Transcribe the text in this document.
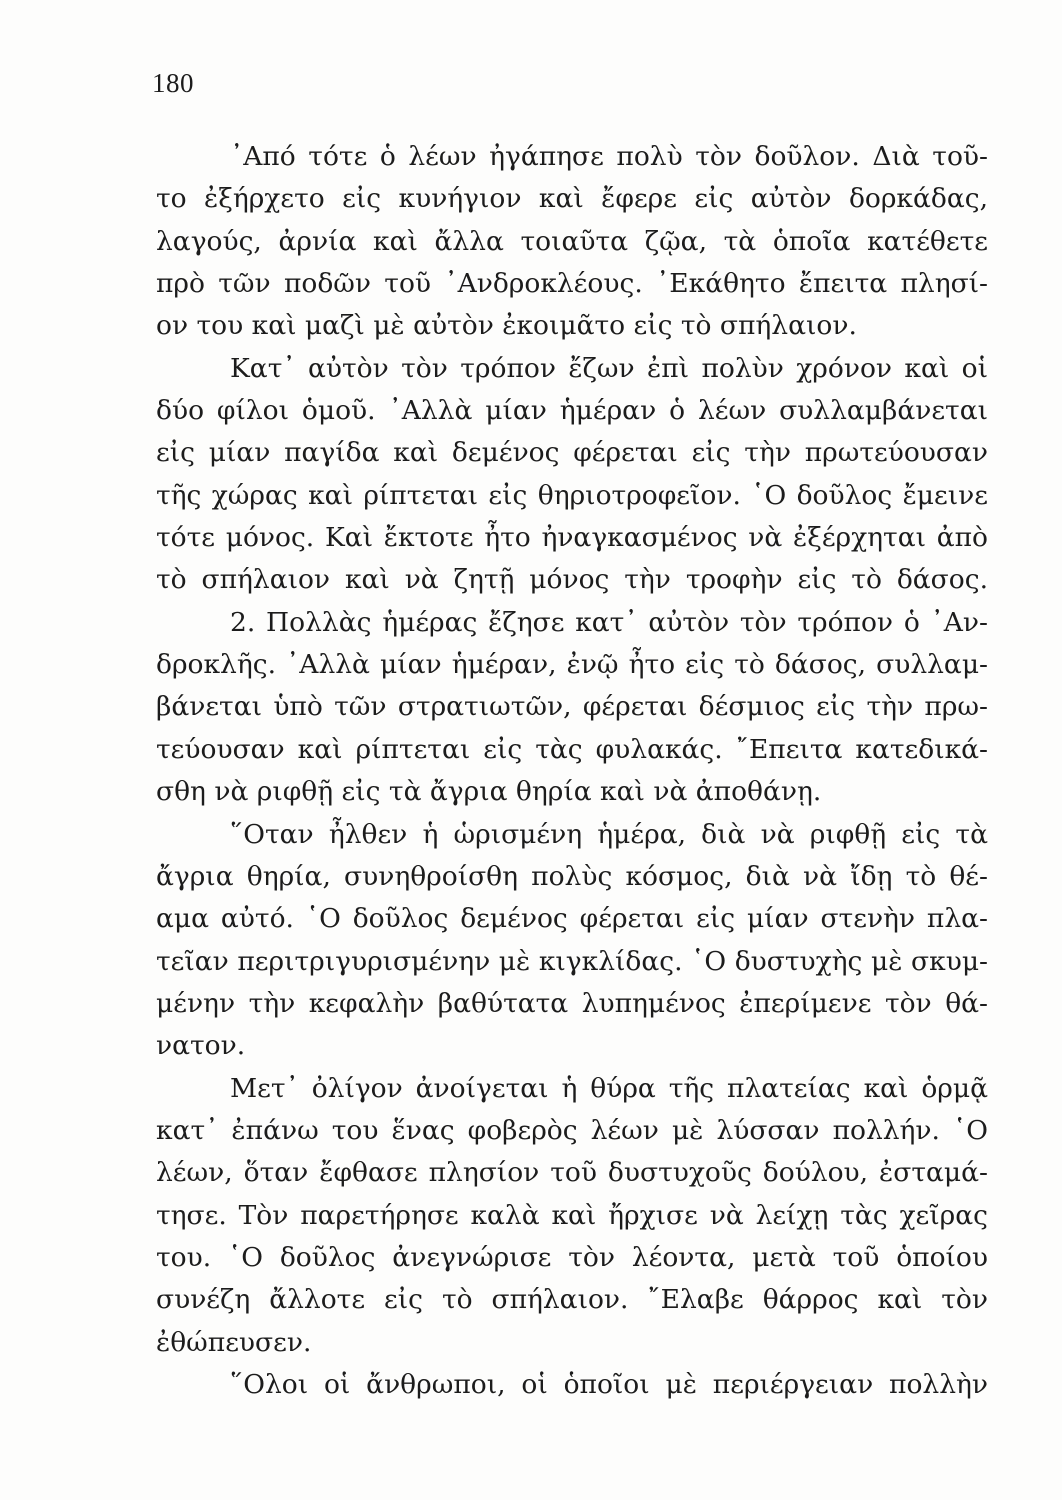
180
᾿Από τότε ὁ λέων ἠγάπησε πολὺ τὸν δοῦλον. Διὰ τοῦ-
το ἐξήρχετο εἰς κυνήγιον καὶ ἔφερε εἰς αὐτὸν δορκάδας,
λαγούς, ἀρνία καὶ ἄλλα τοιαῦτα ζῷα, τὰ ὁποῖα κατέθετε
πρὸ τῶν ποδῶν τοῦ ᾿Ανδροκλέους. ᾿Εκάθητο ἔπειτα πλησί-
ον του καὶ μαζὶ μὲ αὐτὸν ἐκοιμᾶτο εἰς τὸ σπήλαιον.
Κατ᾿ αὐτὸν τὸν τρόπον ἔζων ἐπὶ πολὺν χρόνον καὶ οἱ
δύο φίλοι ὁμοῦ. ᾿Αλλὰ μίαν ἡμέραν ὁ λέων συλλαμβάνεται
εἰς μίαν παγίδα καὶ δεμένος φέρεται εἰς τὴν πρωτεύουσαν
τῆς χώρας καὶ ρίπτεται εἰς θηριοτροφεῖον. ῾Ο δοῦλος ἔμεινε
τότε μόνος. Καὶ ἔκτοτε ἦτο ἠναγκασμένος νὰ ἐξέρχηται ἀπὸ
τὸ σπήλαιον καὶ νὰ ζητῇ μόνος τὴν τροφὴν εἰς τὸ δάσος.
2. Πολλὰς ἡμέρας ἔζησε κατ᾿ αὐτὸν τὸν τρόπον ὁ ᾿Αν-
δροκλῆς. ᾿Αλλὰ μίαν ἡμέραν, ἐνῷ ἦτο εἰς τὸ δάσος, συλλαμ-
βάνεται ὑπὸ τῶν στρατιωτῶν, φέρεται δέσμιος εἰς τὴν πρω-
τεύουσαν καὶ ρίπτεται εἰς τὰς φυλακάς. ῎Επειτα κατεδικά-
σθη νὰ ριφθῇ εἰς τὰ ἄγρια θηρία καὶ νὰ ἀποθάνῃ.
῞Οταν ἦλθεν ἡ ὡρισμένη ἡμέρα, διὰ νὰ ριφθῇ εἰς τὰ
ἄγρια θηρία, συνηθροίσθη πολὺς κόσμος, διὰ νὰ ἴδῃ τὸ θέ-
αμα αὐτό. ῾Ο δοῦλος δεμένος φέρεται εἰς μίαν στενὴν πλα-
τεῖαν περιτριγυρισμένην μὲ κιγκλίδας. ῾Ο δυστυχὴς μὲ σκυμ-
μένην τὴν κεφαλὴν βαθύτατα λυπημένος ἐπερίμενε τὸν θά-
νατον.
Μετ᾿ ὀλίγον ἀνοίγεται ἡ θύρα τῆς πλατείας καὶ ὁρμᾷ
κατ᾿ ἐπάνω του ἕνας φοβερὸς λέων μὲ λύσσαν πολλήν. ῾Ο
λέων, ὅταν ἔφθασε πλησίον τοῦ δυστυχοῦς δούλου, ἐσταμά-
τησε. Τὸν παρετήρησε καλὰ καὶ ἤρχισε νὰ λείχῃ τὰς χεῖρας
του. ῾Ο δοῦλος ἀνεγνώρισε τὸν λέοντα, μετὰ τοῦ ὁποίου
συνέζη ἄλλοτε εἰς τὸ σπήλαιον. ῎Ελαβε θάρρος καὶ τὸν
ἐθώπευσεν.
῞Ολοι οἱ ἄνθρωποι, οἱ ὁποῖοι μὲ περιέργειαν πολλὴν
